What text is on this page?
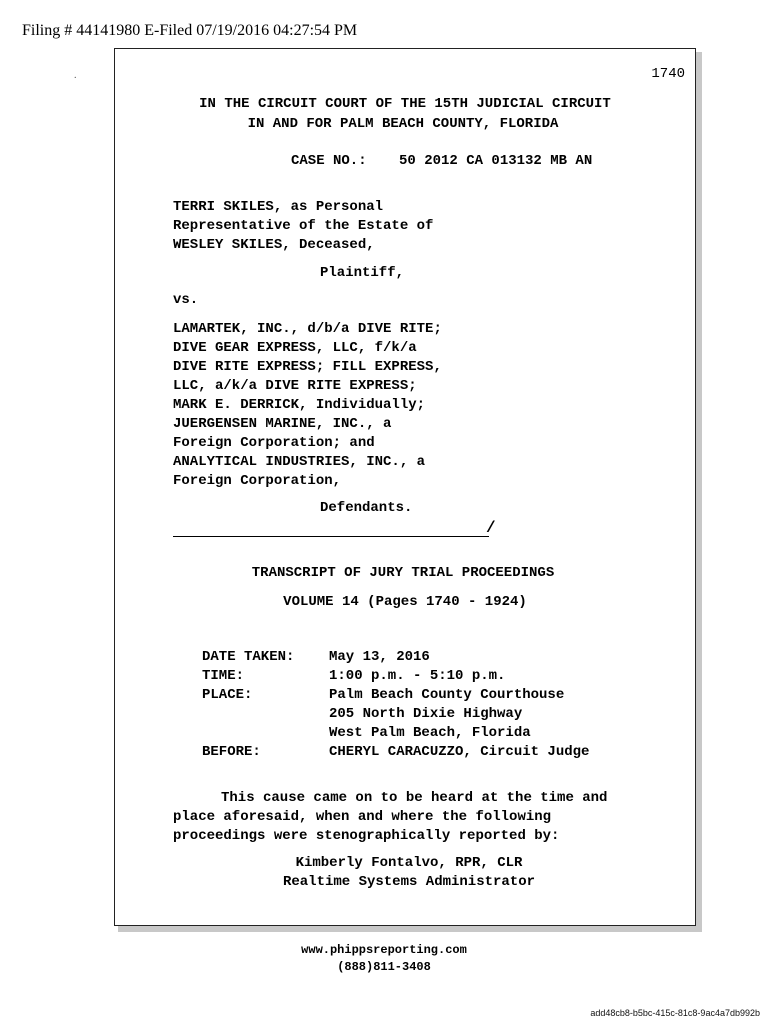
Filing # 44141980 E-Filed 07/19/2016 04:27:54 PM
.	1740
IN THE CIRCUIT COURT OF THE 15TH JUDICIAL CIRCUIT
IN AND FOR PALM BEACH COUNTY, FLORIDA
CASE NO.: 50 2012 CA 013132 MB AN
TERRI SKILES, as Personal
Representative of the Estate of
WESLEY SKILES, Deceased,
Plaintiff,
vs.
LAMARTEK, INC., d/b/a DIVE RITE;
DIVE GEAR EXPRESS, LLC, f/k/a
DIVE RITE EXPRESS; FILL EXPRESS,
LLC, a/k/a DIVE RITE EXPRESS;
MARK E. DERRICK, Individually;
JUERGENSEN MARINE, INC., a
Foreign Corporation; and
ANALYTICAL INDUSTRIES, INC., a
Foreign Corporation,
Defendants.
/
TRANSCRIPT OF JURY TRIAL PROCEEDINGS
VOLUME 14 (Pages 1740 - 1924)
DATE TAKEN:	May 13, 2016
TIME:	1:00 p.m. - 5:10 p.m.
PLACE:	Palm Beach County Courthouse
205 North Dixie Highway
West Palm Beach, Florida
BEFORE:	CHERYL CARACUZZO, Circuit Judge
This cause came on to be heard at the time and
place aforesaid, when and where the following
proceedings were stenographically reported by:
Kimberly Fontalvo, RPR, CLR
Realtime Systems Administrator
www.phippsreporting.com
(888)811-3408
add48cb8-b5bc-415c-81c8-9ac4a7db992b
